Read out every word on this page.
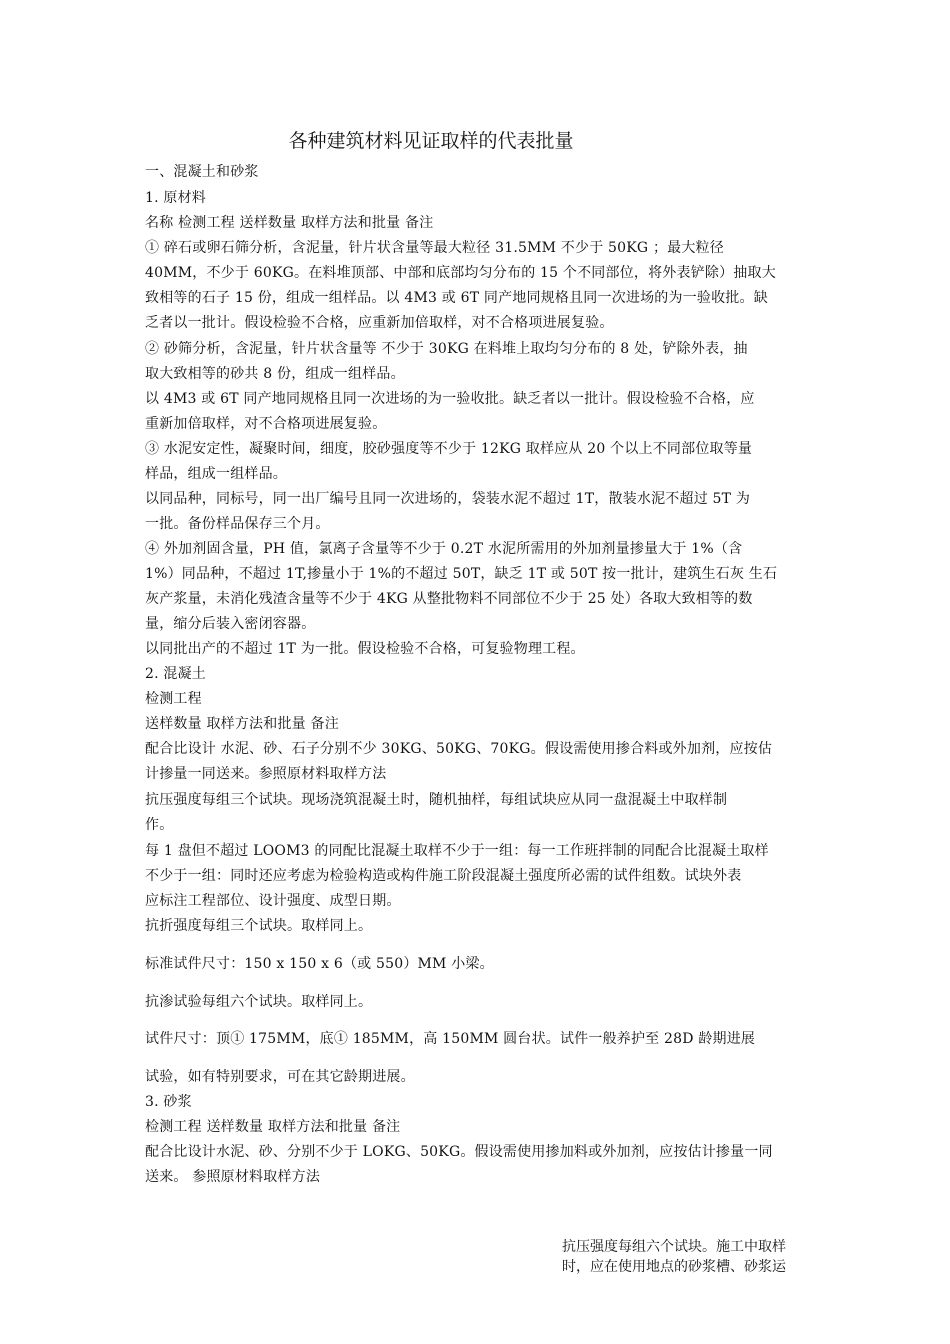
各种建筑材料见证取样的代表批量
一、混凝土和砂浆
1. 原材料
名称 检测工程 送样数量 取样方法和批量 备注
① 碎石或卵石筛分析，含泥量，针片状含量等最大粒径 31.5MM 不少于 50KG ；最大粒径
40MM，不少于 60KG。在料堆顶部、中部和底部均匀分布的 15 个不同部位，将外表铲除）抽取大
致相等的石子 15 份，组成一组样品。以 4M3 或 6T 同产地同规格且同一次进场的为一验收批。缺
乏者以一批计。假设检验不合格，应重新加倍取样，对不合格项进展复验。
② 砂筛分析，含泥量，针片状含量等 不少于 30KG 在料堆上取均匀分布的 8 处，铲除外表，抽
取大致相等的砂共 8 份，组成一组样品。
以 4M3 或 6T 同产地同规格且同一次进场的为一验收批。缺乏者以一批计。假设检验不合格，应
重新加倍取样，对不合格项进展复验。
③ 水泥安定性，凝聚时间，细度，胶砂强度等不少于 12KG 取样应从 20 个以上不同部位取等量
样品，组成一组样品。
以同品种，同标号，同一出厂编号且同一次进场的，袋装水泥不超过 1T，散装水泥不超过 5T 为
一批。备份样品保存三个月。
④ 外加剂固含量，PH 值，氯离子含量等不少于 0.2T 水泥所需用的外加剂量掺量大于 1%（含
1%）同品种，不超过 1T,掺量小于 1%的不超过 50T，缺乏 1T 或 50T 按一批计，建筑生石灰 生石
灰产浆量，未消化残渣含量等不少于 4KG 从整批物料不同部位不少于 25 处）各取大致相等的数
量，缩分后装入密闭容器。
以同批出产的不超过 1T 为一批。假设检验不合格，可复验物理工程。
2. 混凝土
检测工程
送样数量 取样方法和批量 备注
配合比设计 水泥、砂、石子分别不少 30KG、50KG、70KG。假设需使用掺合料或外加剂，应按估
计掺量一同送来。参照原材料取样方法
抗压强度每组三个试块。现场浇筑混凝土时，随机抽样，每组试块应从同一盘混凝土中取样制
作。
每 1 盘但不超过 LOOM3 的同配比混凝土取样不少于一组：每一工作班拌制的同配合比混凝土取样
不少于一组：同时还应考虑为检验构造或构件施工阶段混凝土强度所必需的试件组数。试块外表
应标注工程部位、设计强度、成型日期。
抗折强度每组三个试块。取样同上。
标准试件尺寸：150 x 150 x 6（或 550）MM 小梁。
抗渗试验每组六个试块。取样同上。
试件尺寸：顶① 175MM，底① 185MM，高 150MM 圆台状。试件一般养护至 28D 龄期进展
试验，如有特别要求，可在其它龄期进展。
3. 砂浆
检测工程 送样数量 取样方法和批量 备注
配合比设计水泥、砂、分别不少于 LOKG、50KG。假设需使用掺加料或外加剂，应按估计掺量一同
送来。 参照原材料取样方法
抗压强度每组六个试块。施工中取样
时，应在使用地点的砂浆槽、砂浆运
